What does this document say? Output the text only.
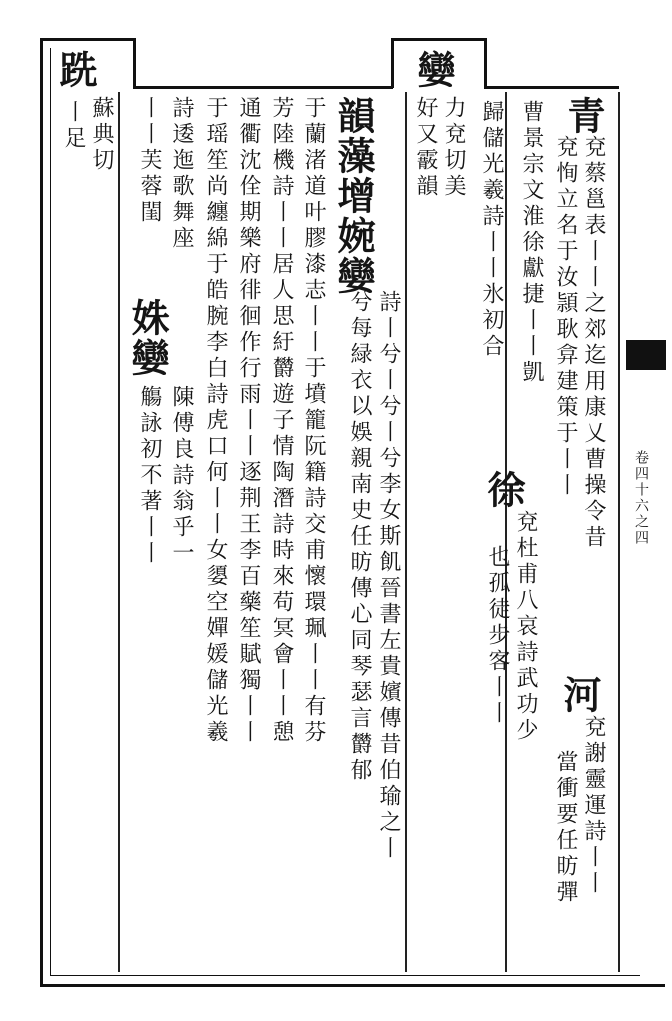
卷四十六之四
青
兗蔡邕表丨丨之郊迄用康乂曹操令昔
兗恂立名于汝頴耿弇建策于丨丨
河
兗謝靈運詩丨丨
當衝要任昉彈
曹景宗文淮徐獻捷丨丨凱
徐
兗杜甫八哀詩武功少
也孤徒步客丨丨
歸儲光羲詩丨丨氷初合
孌
力兗切美
好又霰韻
韻藻增婉孌
詩丨兮丨兮丨兮李女斯飢晉書左貴嬪傳昔伯瑜之丨
兮每緑衣以娛親南史任昉傳心同琴瑟言欝郁
于蘭渚道叶膠漆志丨丨于墳籠阮籍詩交甫懷環珮丨丨有芬
芳陸機詩丨丨居人思紆欝遊子情陶潛詩時來苟冥會丨丨憩
通衢沈佺期樂府徘徊作行雨丨丨逐荆王李百藥笙賦獨丨丨
于瑶笙尚纏綿于皓腕李白詩虎口何丨丨女嬃空嬋媛儲光羲
詩逶迤歌舞座
丨丨芙蓉閨
姝孌
陳傅良詩翁乎一
觴詠初不著丨丨
跣
蘇典切
丨足
